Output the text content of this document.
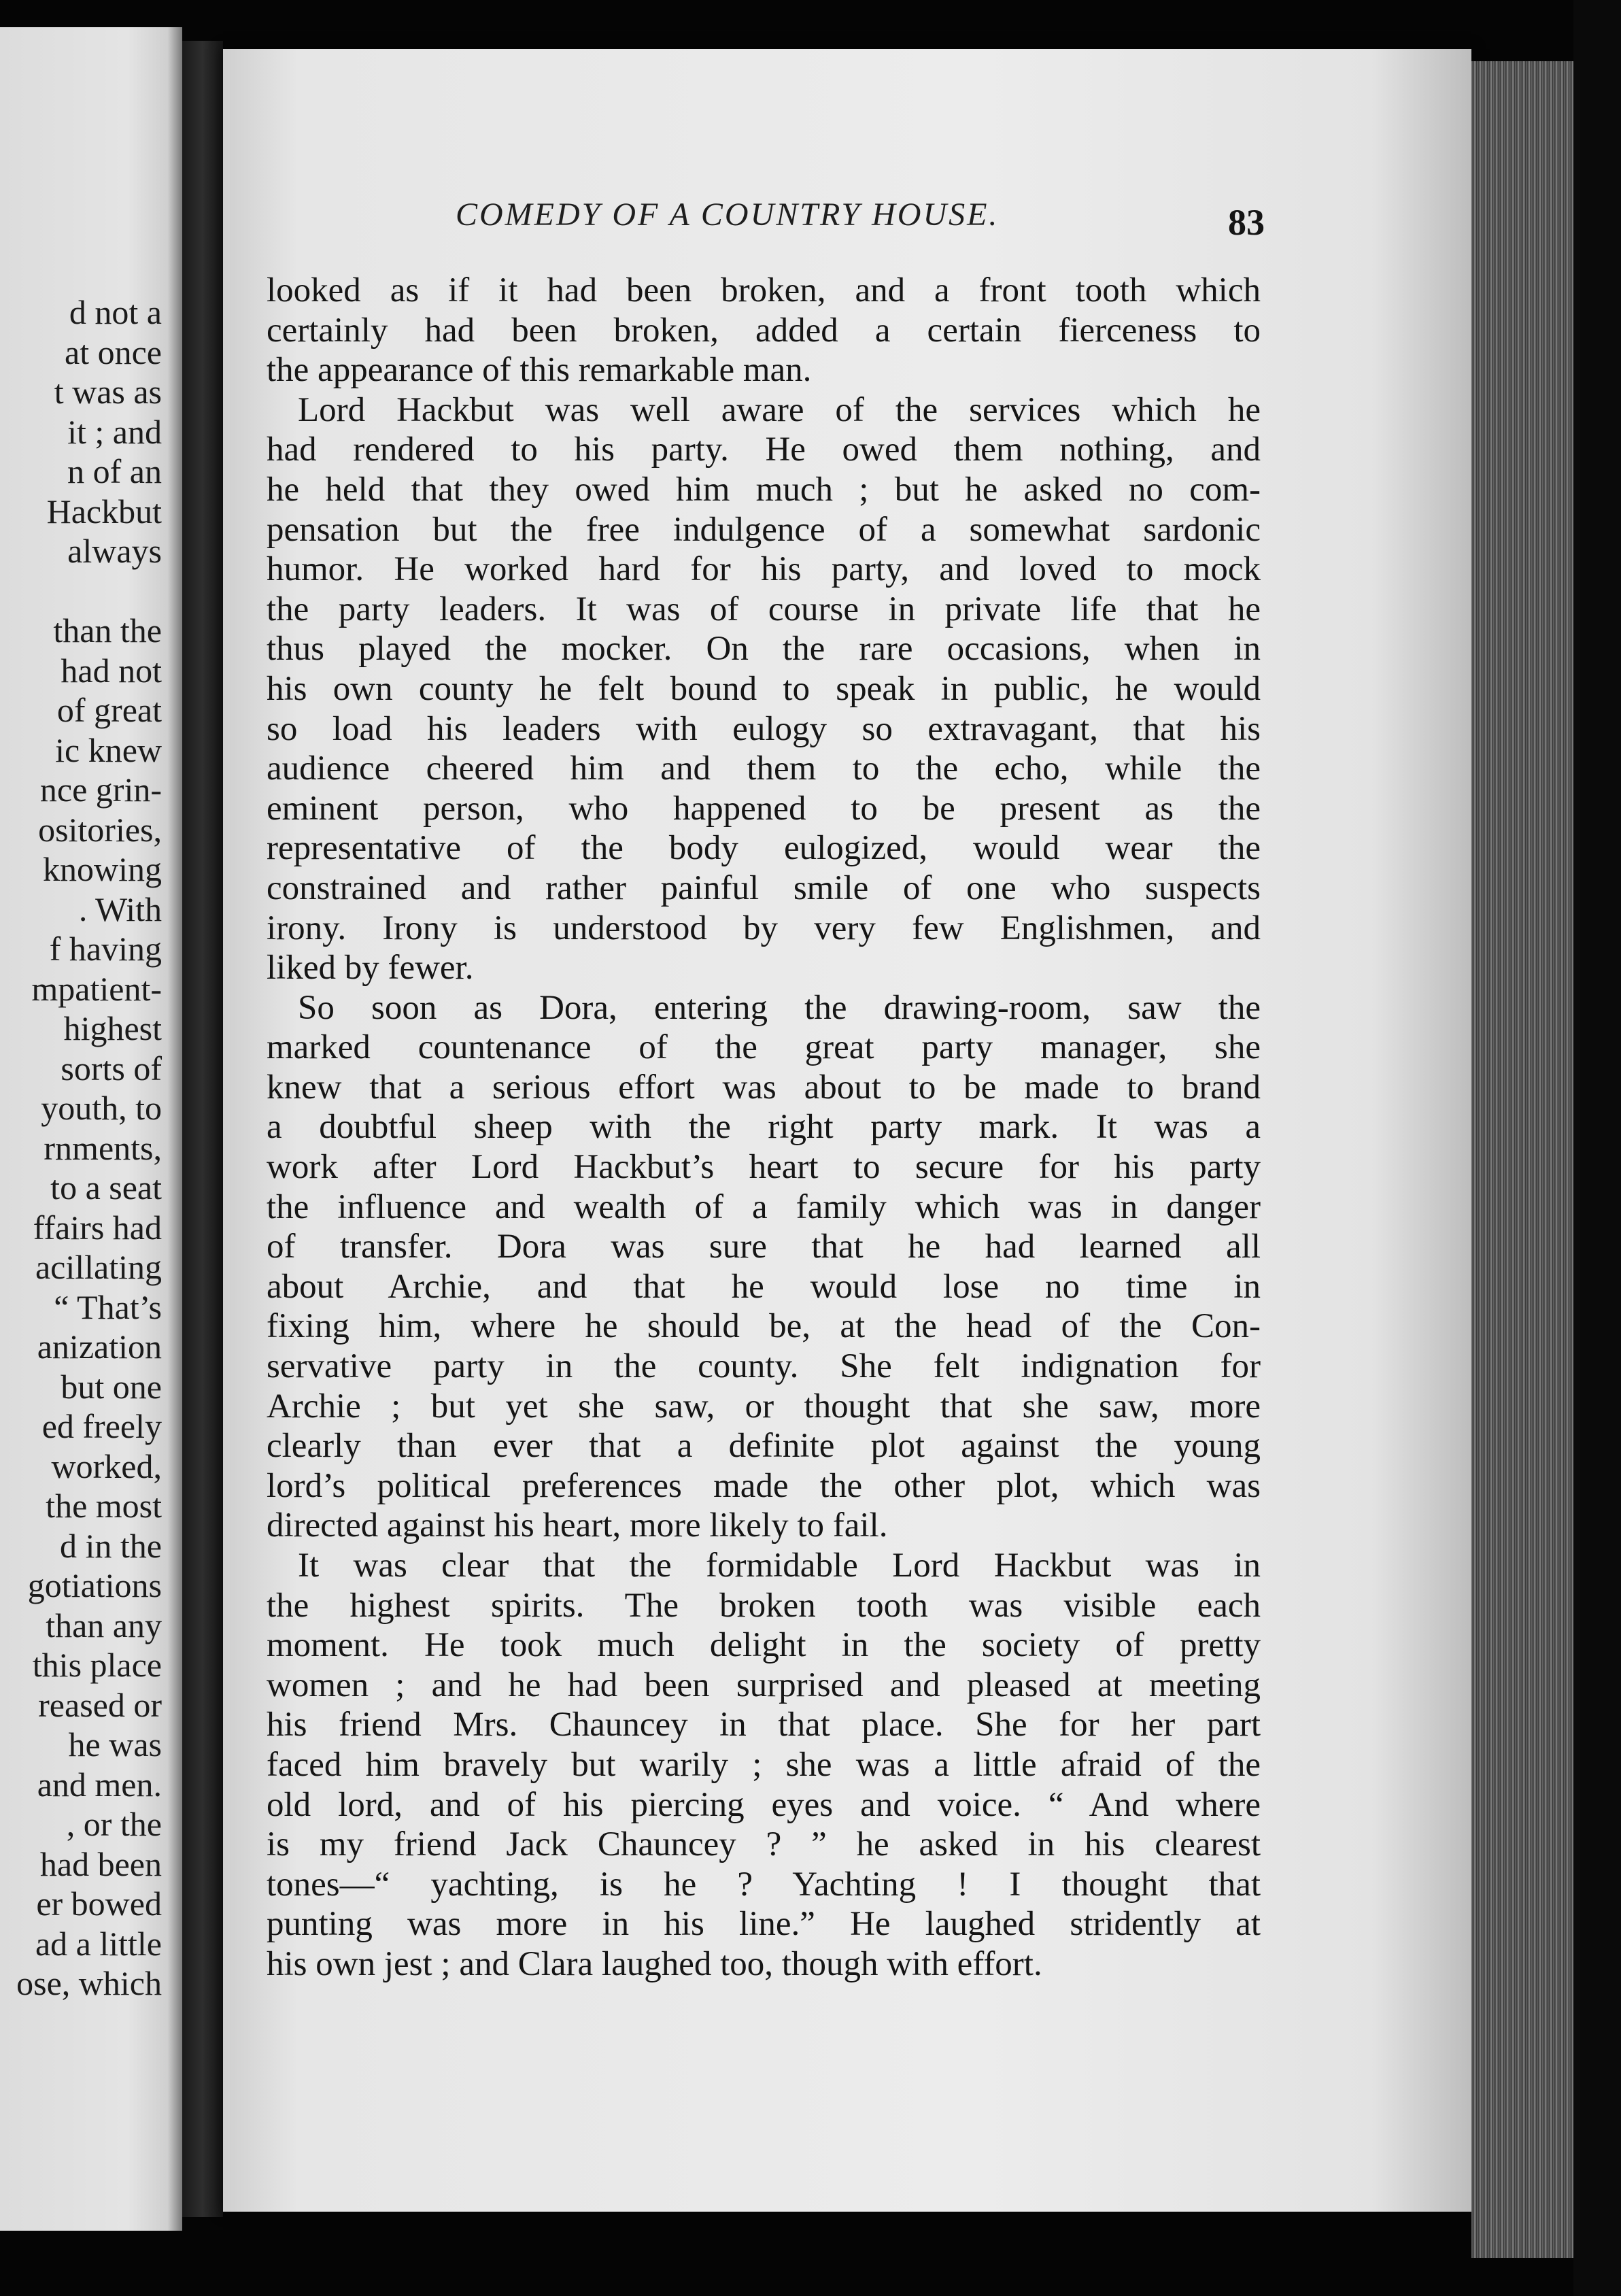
d not a
at once
t was as
it ; and
n of an
Hackbut
always
than the
had not
of great
ic knew
nce grin-
ositories,
knowing
. With
f having
mpatient-
highest
sorts of
youth, to
rnments,
to a seat
ffairs had
acillating
“ That’s
anization
but one
ed freely
worked,
the most
d in the
gotiations
than any
this place
reased or
he was
and men.
, or the
had been
er bowed
ad a little
ose, which
COMEDY OF A COUNTRY HOUSE.	83
looked as if it had been broken, and a front tooth which
certainly had been broken, added a certain fierceness to
the appearance of this remarkable man.
Lord Hackbut was well aware of the services which he
had rendered to his party. He owed them nothing, and
he held that they owed him much ; but he asked no com-
pensation but the free indulgence of a somewhat sardonic
humor. He worked hard for his party, and loved to mock
the party leaders. It was of course in private life that he
thus played the mocker. On the rare occasions, when in
his own county he felt bound to speak in public, he would
so load his leaders with eulogy so extravagant, that his
audience cheered him and them to the echo, while the
eminent person, who happened to be present as the
representative of the body eulogized, would wear the
constrained and rather painful smile of one who suspects
irony. Irony is understood by very few Englishmen, and
liked by fewer.
So soon as Dora, entering the drawing-room, saw the
marked countenance of the great party manager, she
knew that a serious effort was about to be made to brand
a doubtful sheep with the right party mark. It was a
work after Lord Hackbut’s heart to secure for his party
the influence and wealth of a family which was in danger
of transfer. Dora was sure that he had learned all
about Archie, and that he would lose no time in
fixing him, where he should be, at the head of the Con-
servative party in the county. She felt indignation for
Archie ; but yet she saw, or thought that she saw, more
clearly than ever that a definite plot against the young
lord’s political preferences made the other plot, which was
directed against his heart, more likely to fail.
It was clear that the formidable Lord Hackbut was in
the highest spirits. The broken tooth was visible each
moment. He took much delight in the society of pretty
women ; and he had been surprised and pleased at meeting
his friend Mrs. Chauncey in that place. She for her part
faced him bravely but warily ; she was a little afraid of the
old lord, and of his piercing eyes and voice. “ And where
is my friend Jack Chauncey ? ” he asked in his clearest
tones—“ yachting, is he ? Yachting ! I thought that
punting was more in his line.” He laughed stridently at
his own jest ; and Clara laughed too, though with effort.
